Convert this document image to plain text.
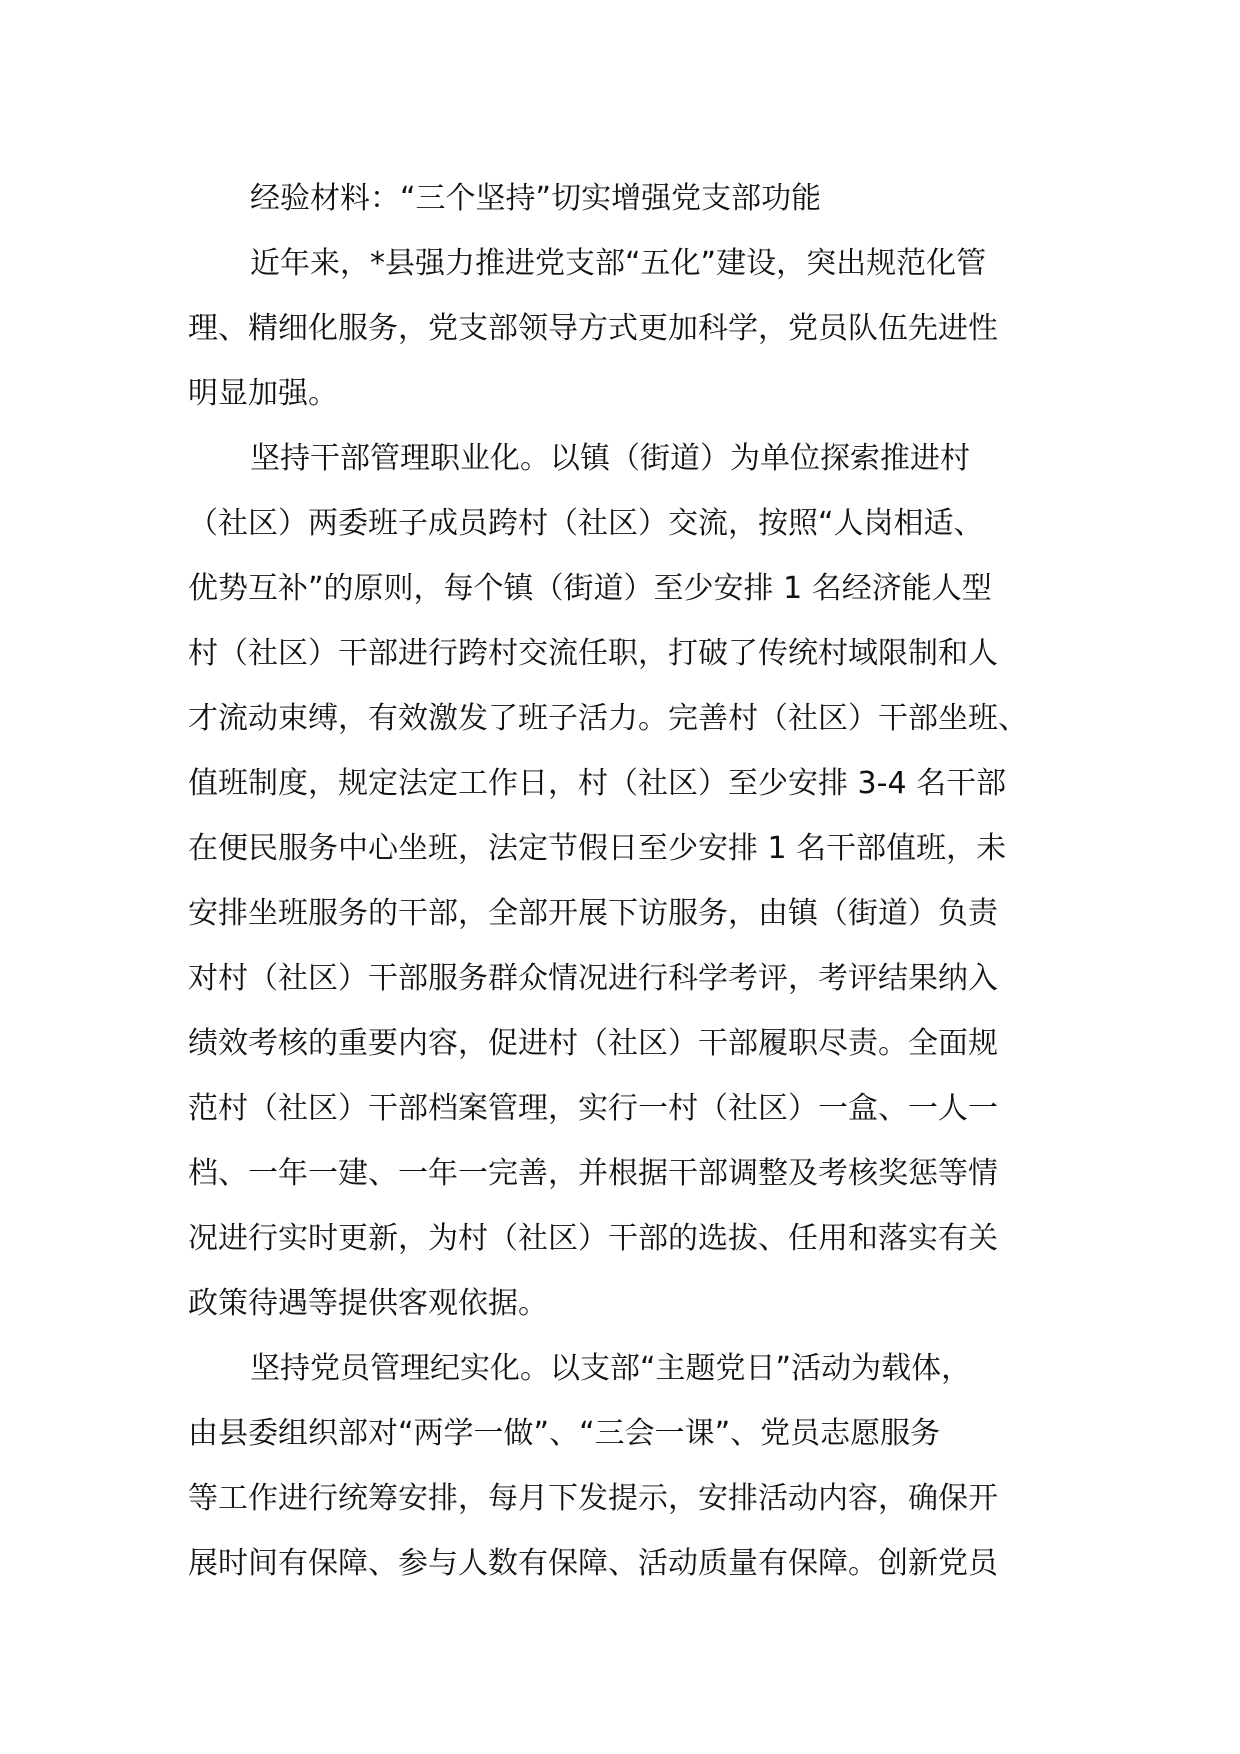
经验材料：“三个坚持”切实增强党支部功能
近年来，*县强力推进党支部“五化”建设，突出规范化管
理、精细化服务，党支部领导方式更加科学，党员队伍先进性
明显加强。
坚持干部管理职业化。以镇（街道）为单位探索推进村
（社区）两委班子成员跨村（社区）交流，按照“人岗相适、
优势互补”的原则，每个镇（街道）至少安排 1 名经济能人型
村（社区）干部进行跨村交流任职，打破了传统村域限制和人
才流动束缚，有效激发了班子活力。完善村（社区）干部坐班、
值班制度，规定法定工作日，村（社区）至少安排 3-4 名干部
在便民服务中心坐班，法定节假日至少安排 1 名干部值班，未
安排坐班服务的干部，全部开展下访服务，由镇（街道）负责
对村（社区）干部服务群众情况进行科学考评，考评结果纳入
绩效考核的重要内容，促进村（社区）干部履职尽责。全面规
范村（社区）干部档案管理，实行一村（社区）一盒、一人一
档、一年一建、一年一完善，并根据干部调整及考核奖惩等情
况进行实时更新，为村（社区）干部的选拔、任用和落实有关
政策待遇等提供客观依据。
坚持党员管理纪实化。以支部“主题党日”活动为载体，
由县委组织部对“两学一做”、“三会一课”、党员志愿服务
等工作进行统筹安排，每月下发提示，安排活动内容，确保开
展时间有保障、参与人数有保障、活动质量有保障。创新党员
